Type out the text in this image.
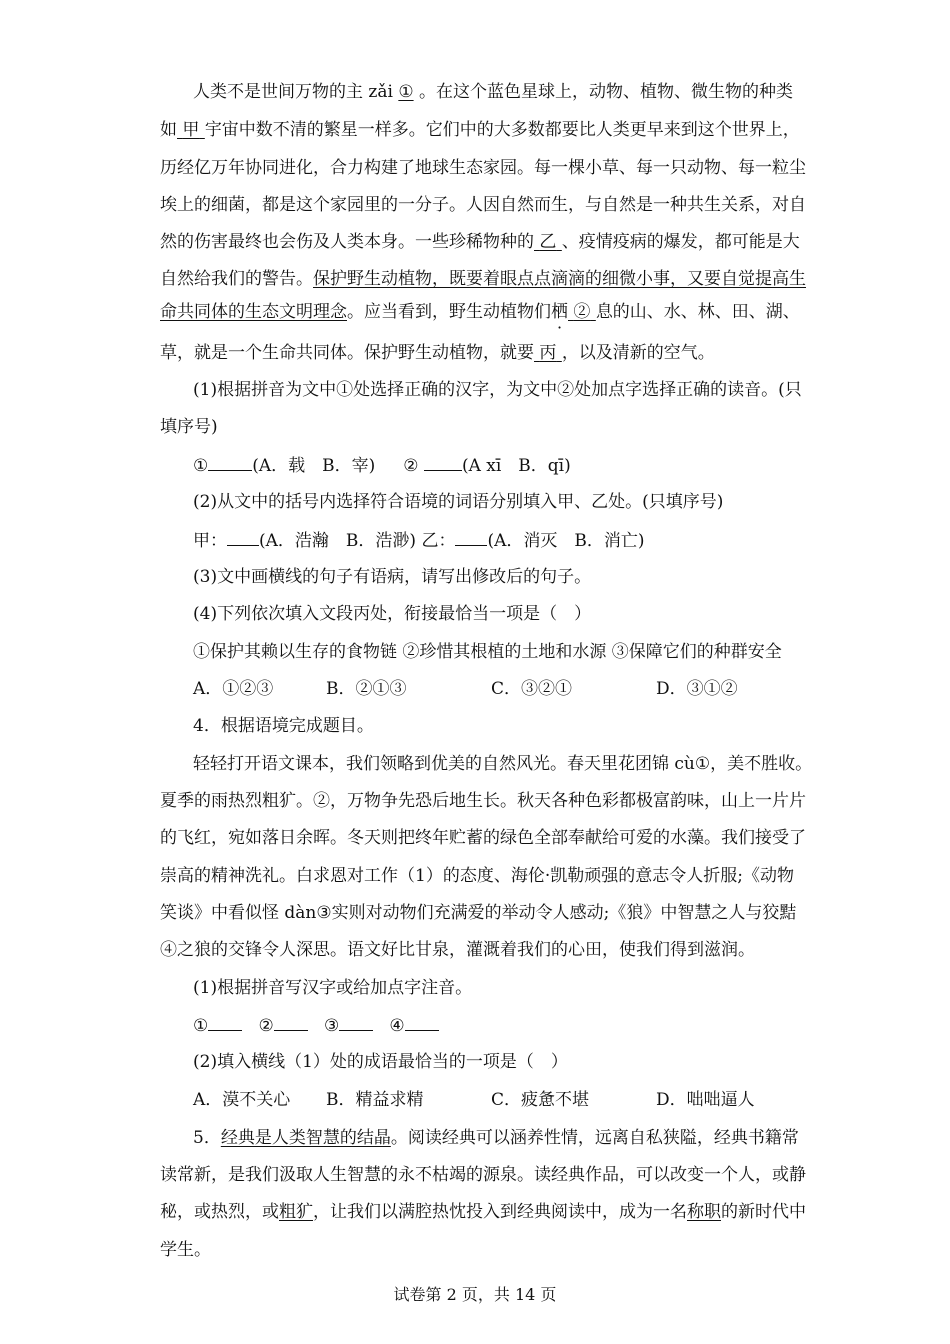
人类不是世间万物的主 zǎi ① 。在这个蓝色星球上，动物、植物、微生物的种类
如 甲 宇宙中数不清的繁星一样多。它们中的大多数都要比人类更早来到这个世界上，
历经亿万年协同进化，合力构建了地球生态家园。每一棵小草、每一只动物、每一粒尘
埃上的细菌，都是这个家园里的一分子。人因自然而生，与自然是一种共生关系，对自
然的伤害最终也会伤及人类本身。一些珍稀物种的 乙 、疫情疫病的爆发，都可能是大
自然给我们的警告。保护野生动植物，既要着眼点点滴滴的细微小事，又要自觉提高生
命共同体的生态文明理念。应当看到，野生动植物们栖 ② 息的山、水、林、田、湖、
草，就是一个生命共同体。保护野生动植物，就要 丙 ，以及清新的空气。
(1)根据拼音为文中①处选择正确的汉字，为文中②处加点字选择正确的读音。(只
填序号)
①	(A．载　B．宰) ②	(A xī　B．qī)
(2)从文中的括号内选择符合语境的词语分别填入甲、乙处。(只填序号)
甲： (A．浩瀚　B．浩渺) 乙： (A．消灭　B．消亡)
(3)文中画横线的句子有语病，请写出修改后的句子。
(4)下列依次填入文段丙处，衔接最恰当一项是（　）
①保护其赖以生存的食物链 ②珍惜其根植的土地和水源 ③保障它们的种群安全
A．①②③	B．②①③	C．③②①	D．③①②
4．根据语境完成题目。
轻轻打开语文课本，我们领略到优美的自然风光。春天里花团锦 cù①，美不胜收。
夏季的雨热烈粗犷。②，万物争先恐后地生长。秋天各种色彩都极富韵味，山上一片片
的飞红，宛如落日余晖。冬天则把终年贮蓄的绿色全部奉献给可爱的水藻。我们接受了
崇高的精神洗礼。白求恩对工作（1）的态度、海伦·凯勒顽强的意志令人折服;《动物
笑谈》中看似怪 dàn③实则对动物们充满爱的举动令人感动;《狼》中智慧之人与狡黠
④之狼的交锋令人深思。语文好比甘泉，灌溉着我们的心田，使我们得到滋润。
(1)根据拼音写汉字或给加点字注音。
①	②	③	④
(2)填入横线（1）处的成语最恰当的一项是（　）
A．漠不关心 B．精益求精	C．疲惫不堪	D．咄咄逼人
5．经典是人类智慧的结晶。阅读经典可以涵养性情，远离自私狭隘，经典书籍常
读常新，是我们汲取人生智慧的永不枯竭的源泉。读经典作品，可以改变一个人，或静
秘，或热烈，或粗犷，让我们以满腔热忱投入到经典阅读中，成为一名称职的新时代中
学生。
试卷第 2 页，共 14 页
